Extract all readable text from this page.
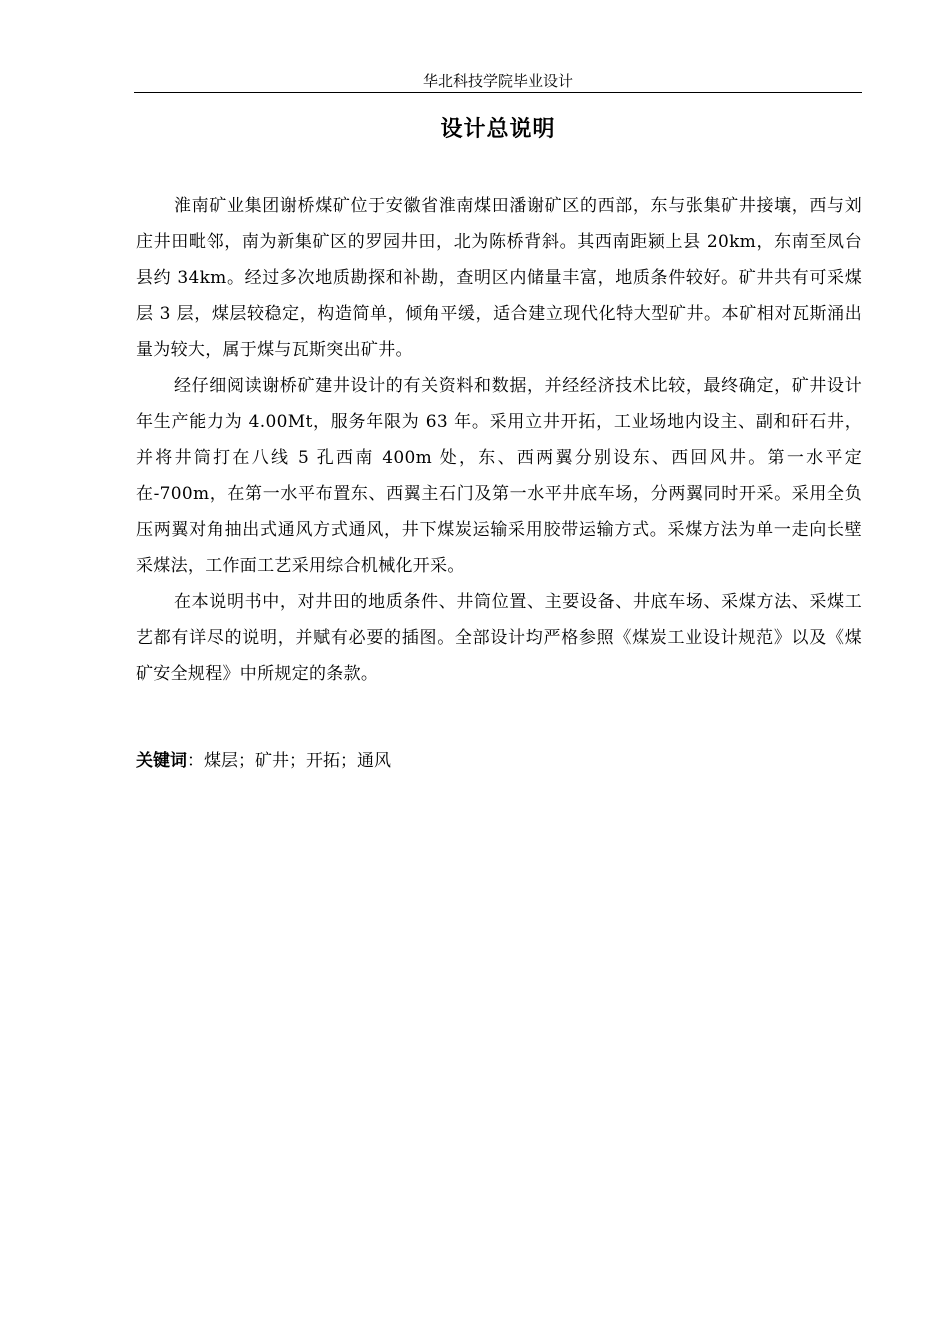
华北科技学院毕业设计
设计总说明

淮南矿业集团谢桥煤矿位于安徽省淮南煤田潘谢矿区的西部，东与张集矿井接壤，西与刘庄井田毗邻，南为新集矿区的罗园井田，北为陈桥背斜。其西南距颍上县 20km，东南至凤台县约 34km。经过多次地质勘探和补勘，查明区内储量丰富，地质条件较好。矿井共有可采煤层 3 层，煤层较稳定，构造简单，倾角平缓，适合建立现代化特大型矿井。本矿相对瓦斯涌出量为较大，属于煤与瓦斯突出矿井。

经仔细阅读谢桥矿建井设计的有关资料和数据，并经经济技术比较，最终确定，矿井设计年生产能力为 4.00Mt，服务年限为 63 年。采用立井开拓，工业场地内设主、副和矸石井，并将井筒打在八线 5 孔西南 400m 处，东、西两翼分别设东、西回风井。第一水平定在-700m，在第一水平布置东、西翼主石门及第一水平井底车场，分两翼同时开采。采用全负压两翼对角抽出式通风方式通风，井下煤炭运输采用胶带运输方式。采煤方法为单一走向长壁采煤法，工作面工艺采用综合机械化开采。

在本说明书中，对井田的地质条件、井筒位置、主要设备、井底车场、采煤方法、采煤工艺都有详尽的说明，并赋有必要的插图。全部设计均严格参照《煤炭工业设计规范》以及《煤矿安全规程》中所规定的条款。

关键词：煤层；矿井；开拓；通风
